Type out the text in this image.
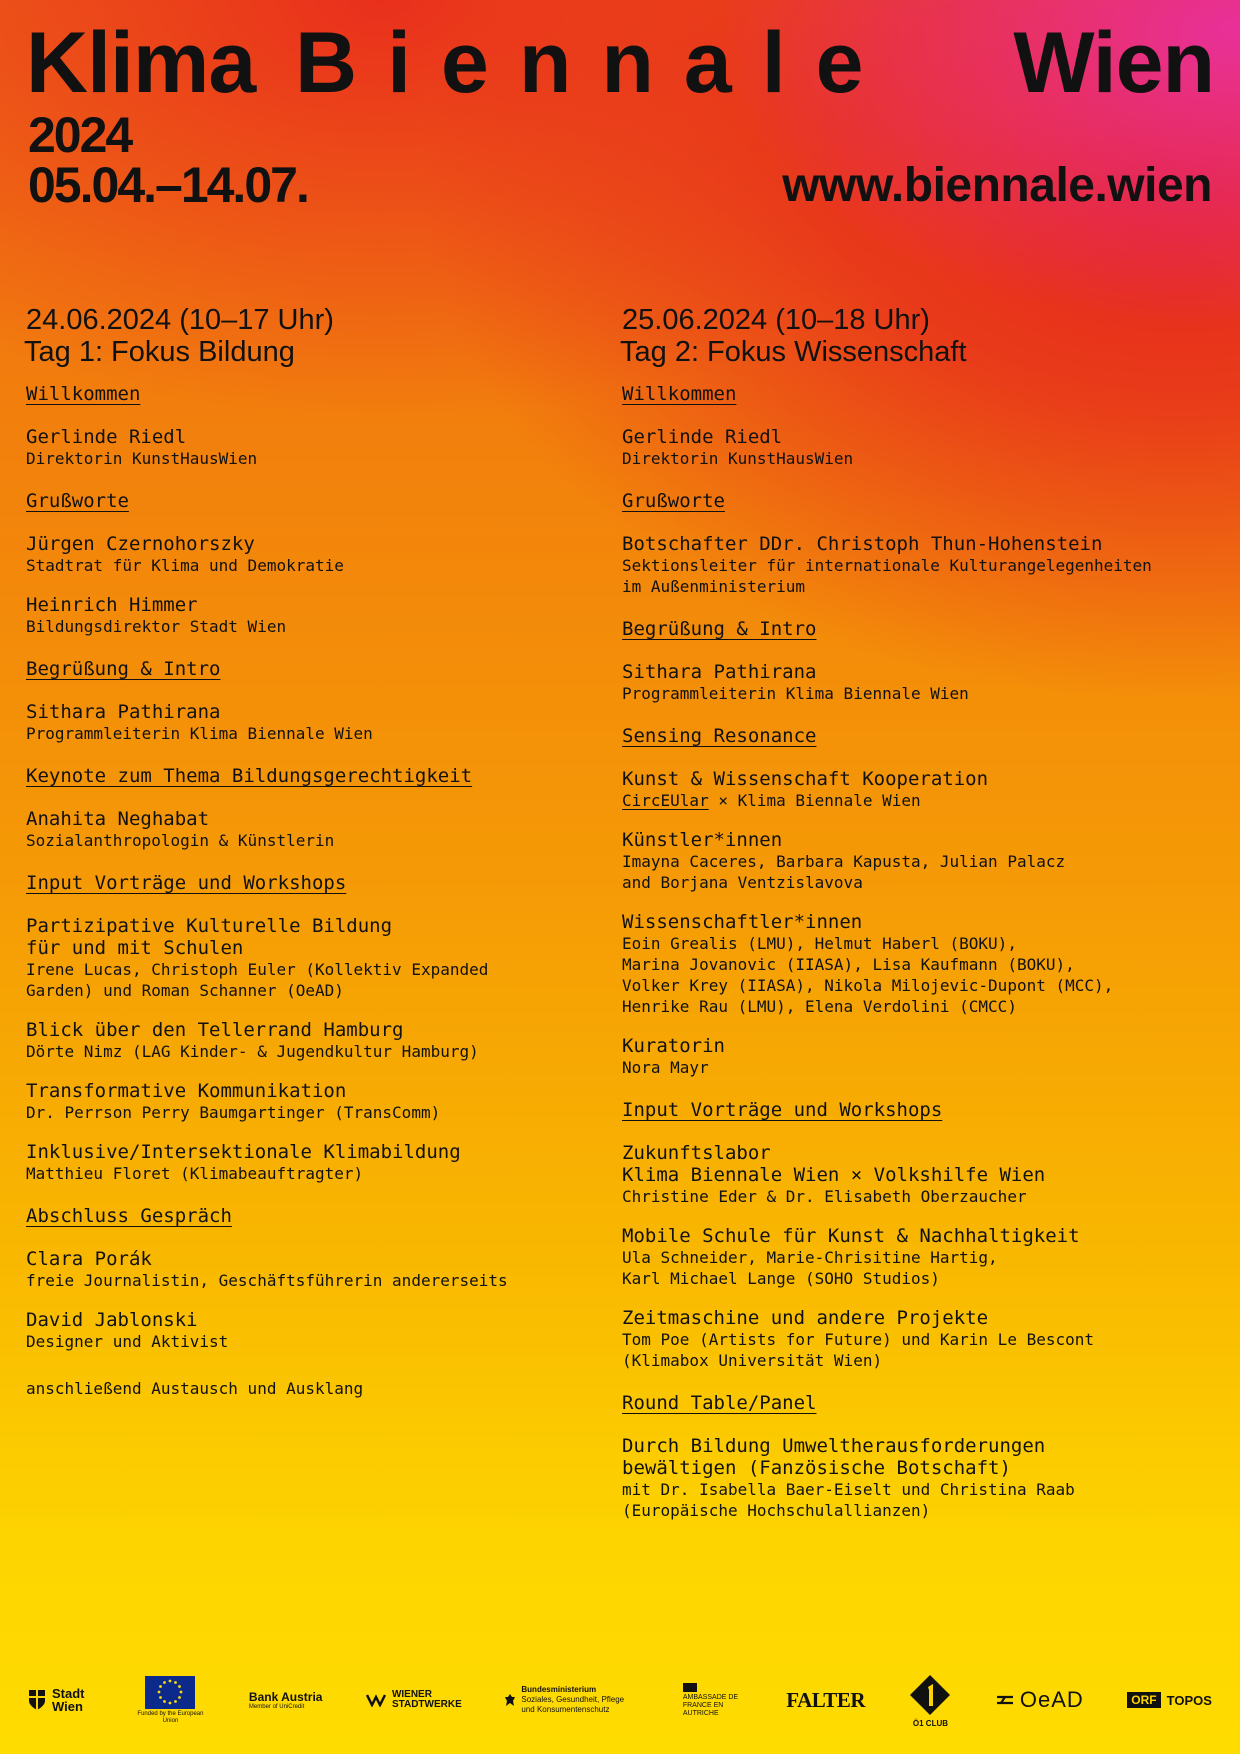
Klima Biennale Wien

2024

05.04.–14.07.	www.biennale.wien

24.06.2024 (10–17 Uhr)

Tag 1: Fokus Bildung

Willkommen

Gerlinde Riedl

Direktorin KunstHausWien

Grußworte

Jürgen Czernohorszky

Stadtrat für Klima und Demokratie

Heinrich Himmer

Bildungsdirektor Stadt Wien

Begrüßung & Intro

Sithara Pathirana

Programmleiterin Klima Biennale Wien

Keynote zum Thema Bildungsgerechtigkeit

Anahita Neghabat

Sozialanthropologin & Künstlerin

Input Vorträge und Workshops

Partizipative Kulturelle Bildung
für und mit Schulen

Irene Lucas, Christoph Euler (Kollektiv Expanded
Garden) und Roman Schanner (OeAD)

Blick über den Tellerrand Hamburg

Dörte Nimz (LAG Kinder- & Jugendkultur Hamburg)

Transformative Kommunikation

Dr. Perrson Perry Baumgartinger (TransComm)

Inklusive/Intersektionale Klimabildung

Matthieu Floret (Klimabeauftragter)

Abschluss Gespräch

Clara Porák

freie Journalistin, Geschäftsführerin andererseits

David Jablonski

Designer und Aktivist

anschließend Austausch und Ausklang

25.06.2024 (10–18 Uhr)

Tag 2: Fokus Wissenschaft

Willkommen

Gerlinde Riedl

Direktorin KunstHausWien

Grußworte

Botschafter DDr. Christoph Thun-Hohenstein

Sektionsleiter für internationale Kulturangelegenheiten
im Außenministerium

Begrüßung & Intro

Sithara Pathirana

Programmleiterin Klima Biennale Wien

Sensing Resonance

Kunst & Wissenschaft Kooperation

CircEUlar × Klima Biennale Wien

Künstler*innen

Imayna Caceres, Barbara Kapusta, Julian Palacz
and Borjana Ventzislavova

Wissenschaftler*innen

Eoin Grealis (LMU), Helmut Haberl (BOKU),
Marina Jovanovic (IIASA), Lisa Kaufmann (BOKU),
Volker Krey (IIASA), Nikola Milojevic-Dupont (MCC),
Henrike Rau (LMU), Elena Verdolini (CMCC)

Kuratorin

Nora Mayr

Input Vorträge und Workshops

Zukunftslabor
Klima Biennale Wien × Volkshilfe Wien

Christine Eder & Dr. Elisabeth Oberzaucher

Mobile Schule für Kunst & Nachhaltigkeit

Ula Schneider, Marie-Chrisitine Hartig,
Karl Michael Lange (SOHO Studios)

Zeitmaschine und andere Projekte

Tom Poe (Artists for Future) und Karin Le Bescont
(Klimabox Universität Wien)

Round Table/Panel

Durch Bildung Umweltherausforderungen
bewältigen (Fanzösische Botschaft)

mit Dr. Isabella Baer-Eiselt und Christina Raab
(Europäische Hochschulallianzen)

Stadt Wien	Funded by the European Union
Bank Austria
Member of UniCredit
WIENER STADTWERKE
Bundesministerium
Soziales, Gesundheit, Pflege und Konsumentenschutz
AMBASSADE DE FRANCE EN AUTRICHE
FALTER
Ö1 CLUB
OeAD	ORF TOPOS
